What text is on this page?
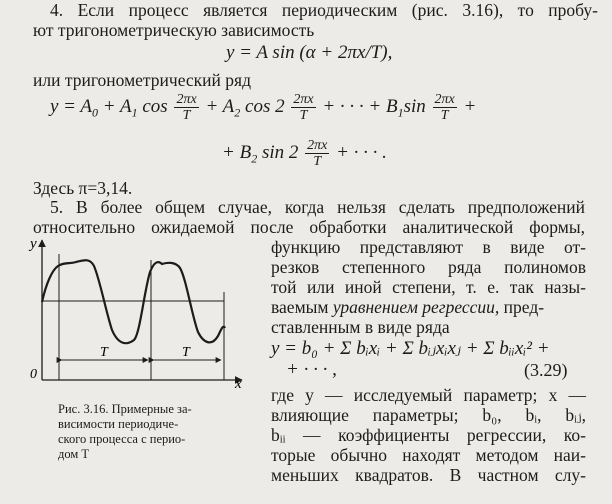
4. Если процесс является периодическим (рис. 3.16), то пробу-
ют тригонометрическую зависимость
y = A sin (α + 2πx/T),
или тригонометрический ряд
$y = A_0 + A_1$ $\cos \frac{2\pi x}{T} + A_2$ $\cos 2 \frac{2\pi x}{T}$ + · · · + $B_1\sin \frac{2\pi x}{T}$ +
+ $B_2$ $\sin 2 \frac{2\pi x}{T}$ + · · · .
Здесь π=3,14.
5. В более общем случае, когда нельзя сделать предположений
относительно ожидаемой после обработки аналитической формы,
функцию представляют в виде от-
резков степенного ряда полиномов
той или иной степени, т. е. так назы-
ваемым уравнением регрессии, пред-
ставленным в виде ряда
y = b₀ + Σ bᵢxᵢ + Σ bᵢⱼxᵢxⱼ + Σ bᵢᵢxᵢ² +
+ · · · ,	(3.29)
где y — исследуемый параметр; x —
влияющие параметры; b₀, bᵢ, bᵢⱼ,
bᵢᵢ — коэффициенты регрессии, ко-
торые обычно находят методом наи-
меньших квадратов. В частном слу-
y
x
0
T	T
Рис. 3.16. Примерные за-
висимости периодиче-
ского процесса с перио-
дом T
